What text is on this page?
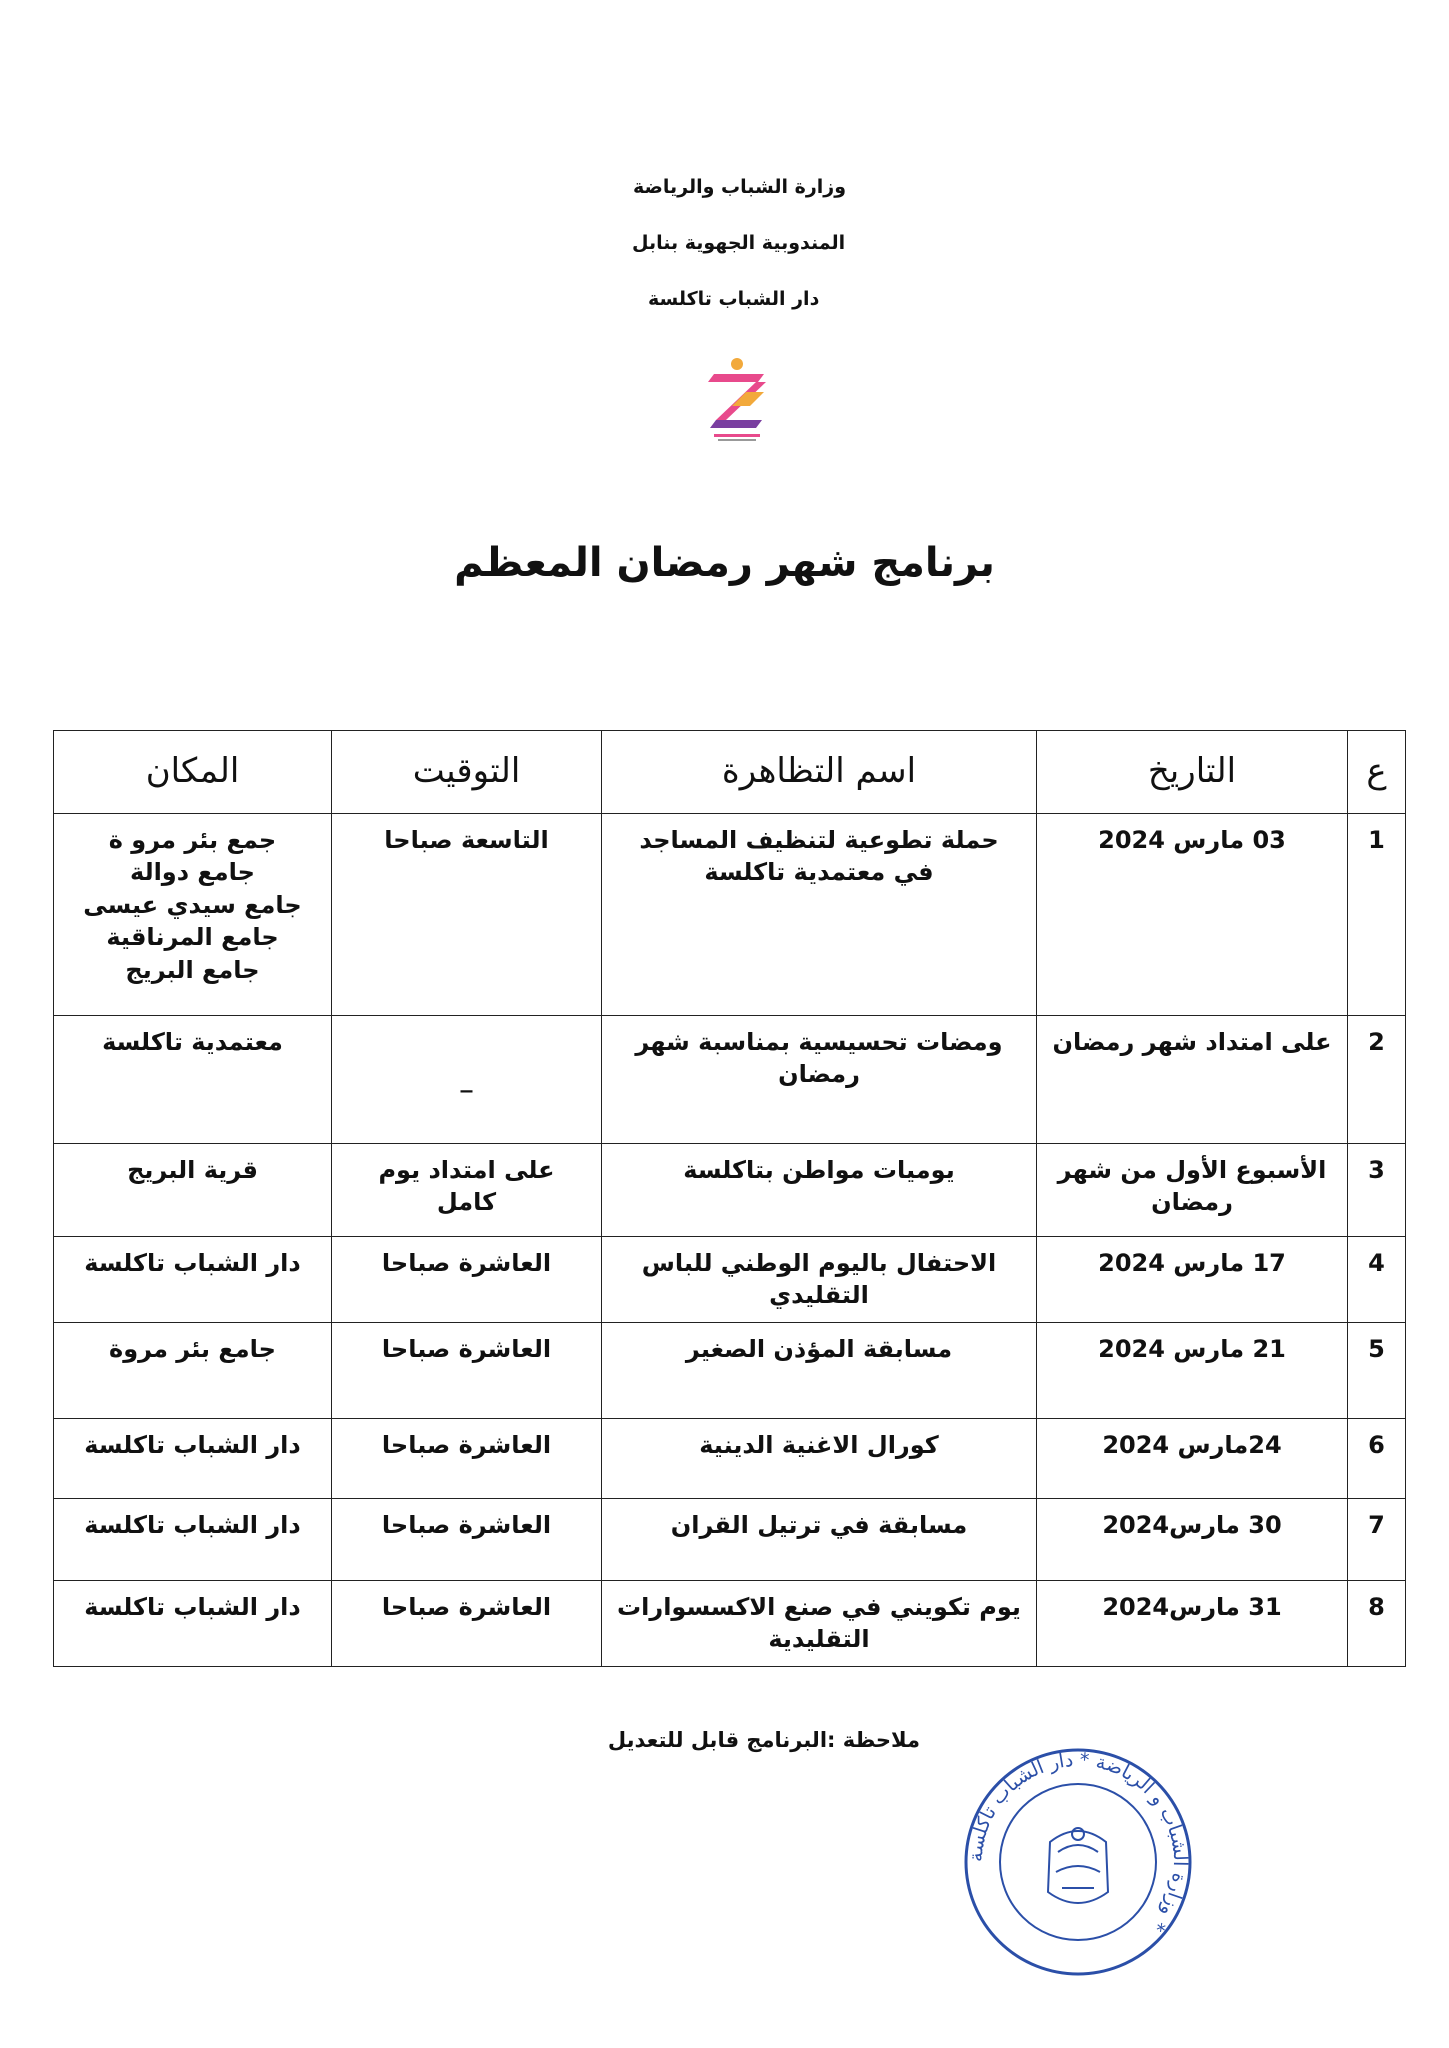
وزارة الشباب والرياضة
المندوبية الجهوية بنابل
دار الشباب تاكلسة
برنامج شهر رمضان المعظم
ع	التاريخ	اسم التظاهرة	التوقيت	المكان
1	03 مارس 2024	حملة تطوعية لتنظيف المساجد في معتمدية تاكلسة	التاسعة صباحا	جمع بئر مرو ة
جامع دوالة
جامع سيدي عيسى
جامع المرناقية
جامع البريج
2	على امتداد شهر رمضان	ومضات تحسيسية بمناسبة شهر رمضان	_	معتمدية تاكلسة
3	الأسبوع الأول من شهر رمضان	يوميات مواطن بتاكلسة	على امتداد يوم كامل	قرية البريج
4	17 مارس 2024	الاحتفال باليوم الوطني للباس التقليدي	العاشرة صباحا	دار الشباب تاكلسة
5	21 مارس 2024	مسابقة المؤذن الصغير	العاشرة صباحا	جامع بئر مروة
6	24مارس 2024	كورال الاغنية الدينية	العاشرة صباحا	دار الشباب تاكلسة
7	30 مارس2024	مسابقة في ترتيل القران	العاشرة صباحا	دار الشباب تاكلسة
8	31 مارس2024	يوم تكويني في صنع الاكسسوارات التقليدية	العاشرة صباحا	دار الشباب تاكلسة
ملاحظة :البرنامج قابل للتعديل
وزارة الشباب و الرياضة * دار الشباب تاكلسة *
